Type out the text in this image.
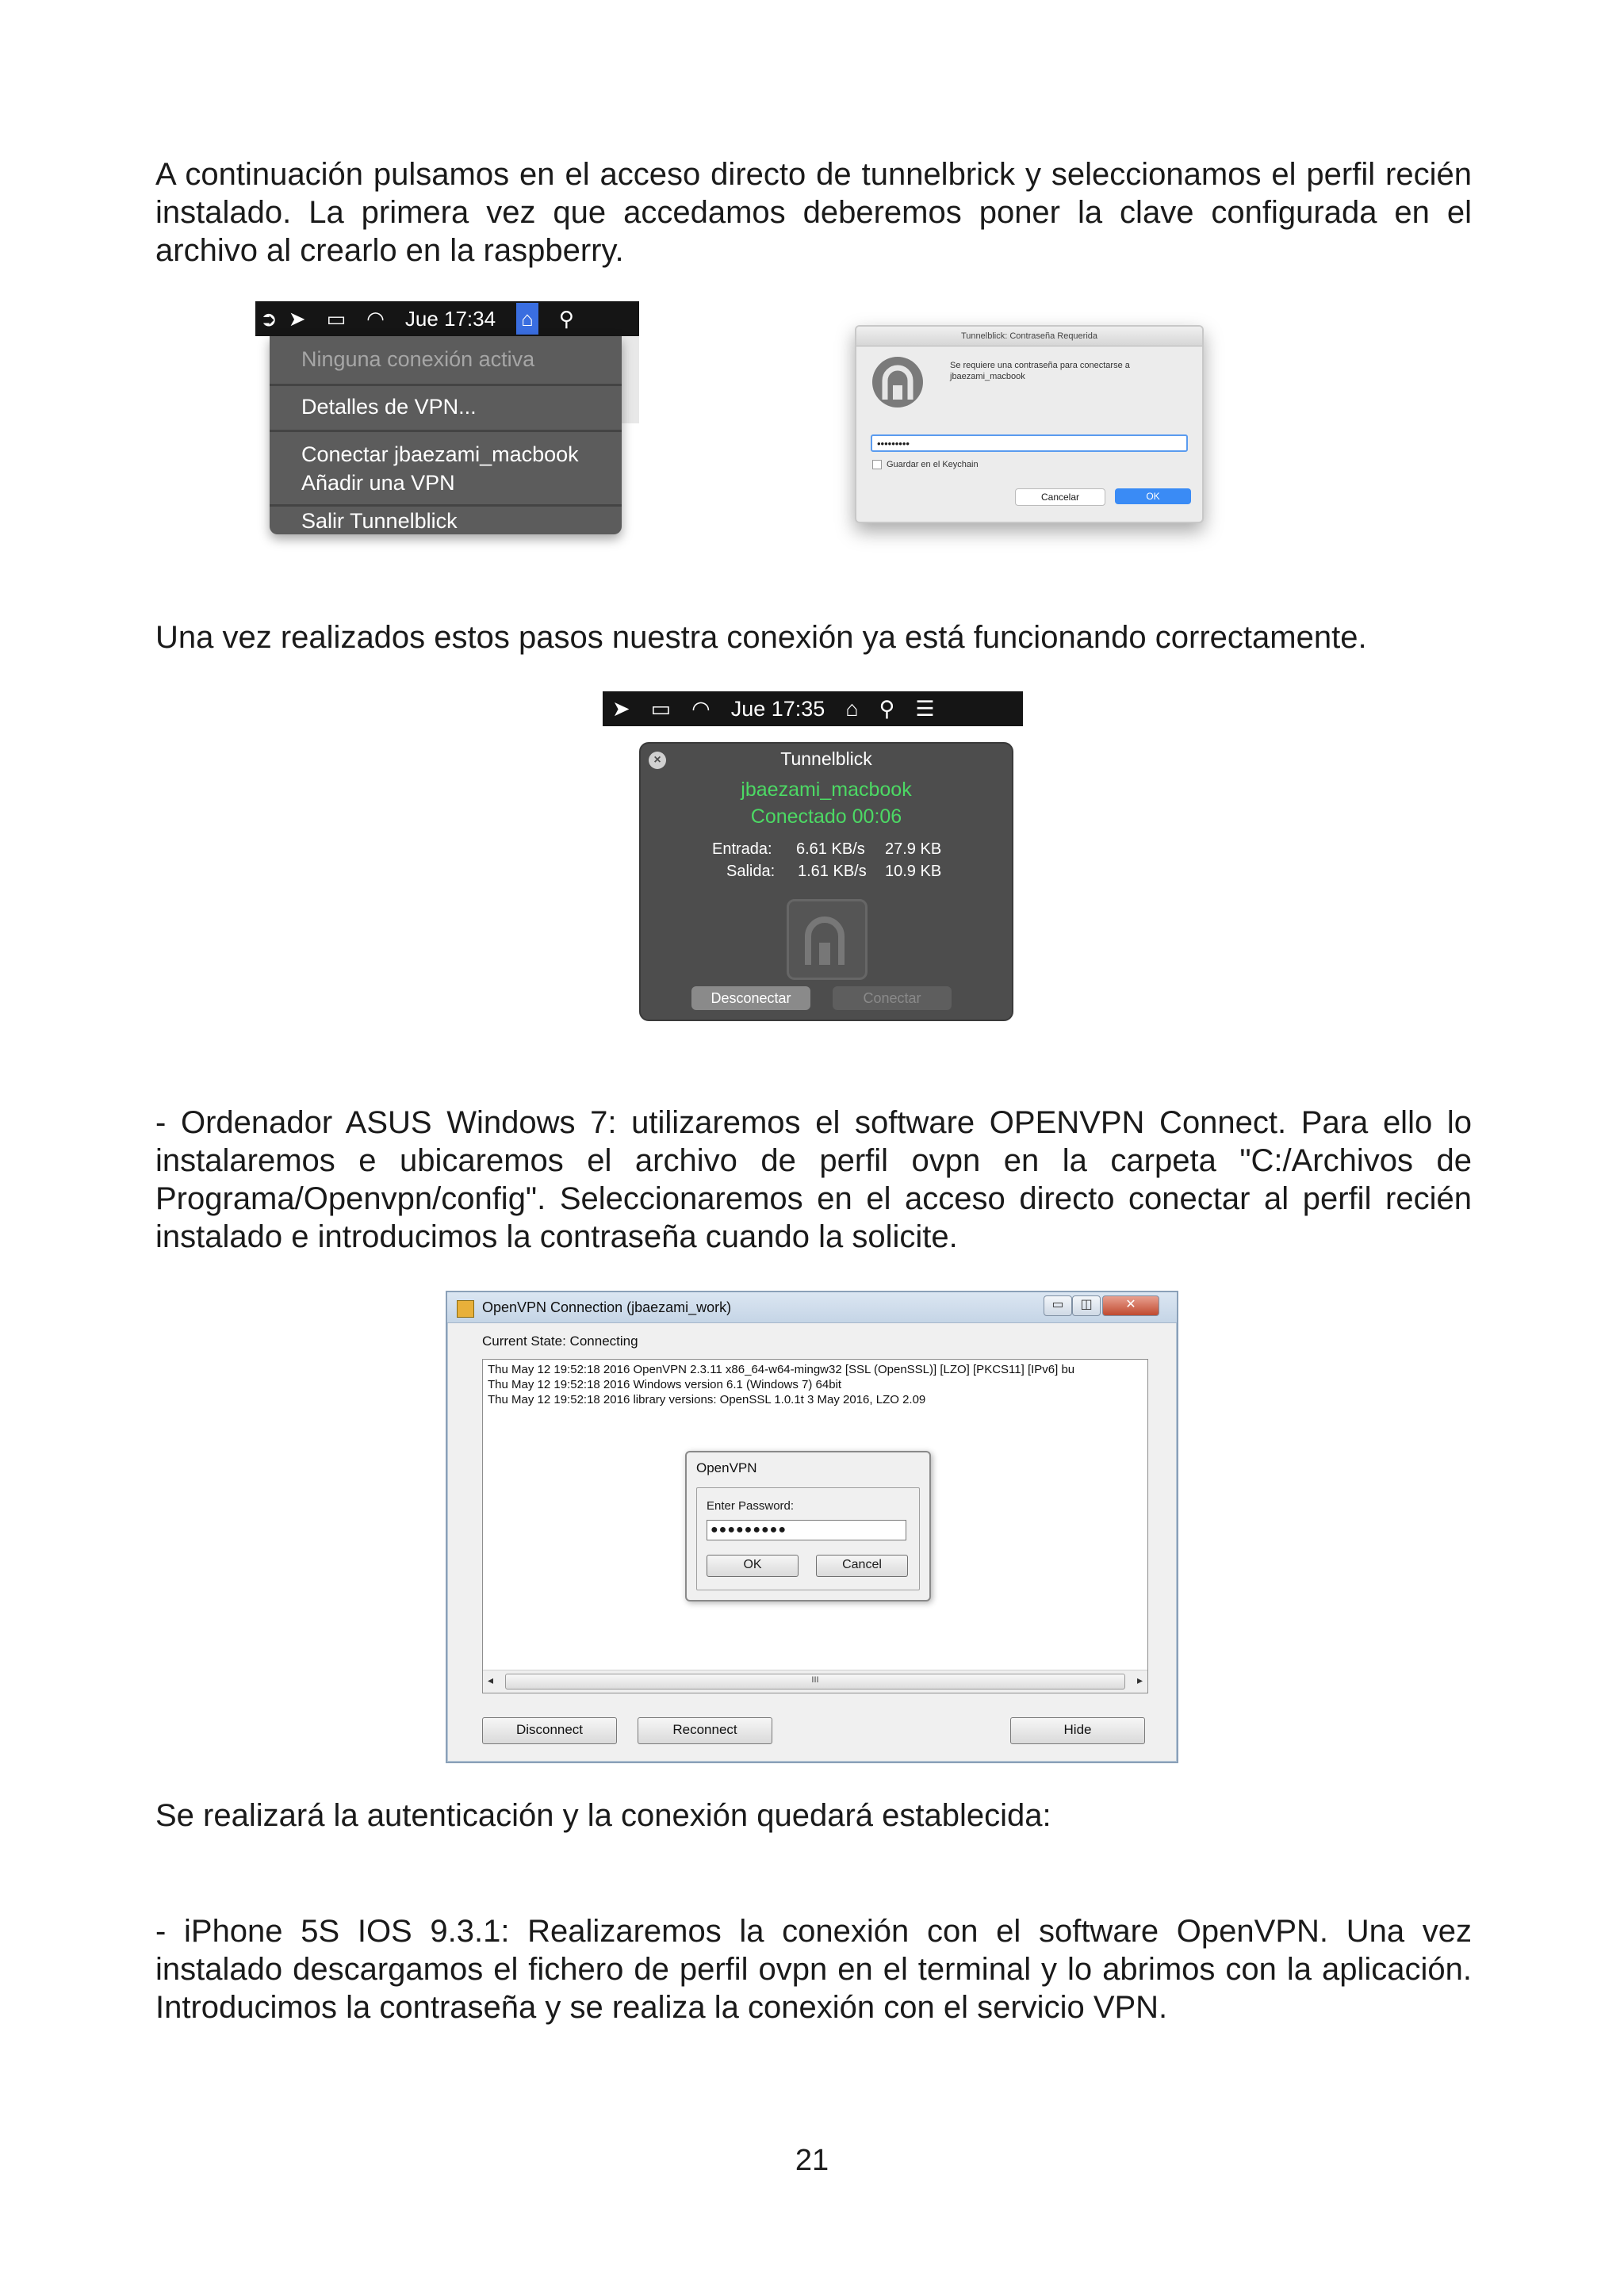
A continuación pulsamos en el acceso directo de tunnelbrick y seleccionamos el perfil recién instalado. La primera vez que accedamos deberemos poner la clave configurada en el archivo al crearlo en la raspberry.

➲ ➤ ▭ ◠ Jue 17:34 ⌂ ⚲
Ninguna conexión activa
Detalles de VPN...
Conectar jbaezami_macbook
Añadir una VPN
Salir Tunnelblick
Tunnelblick: Contraseña Requerida
Se requiere una contraseña para conectarse a jbaezami_macbook
•••••••••
Guardar en el Keychain
Cancelar	OK

Una vez realizados estos pasos nuestra conexión ya está funcionando correctamente.

➤ ▭ ◠ Jue 17:35 ⌂ ⚲ ☰
×	Tunnelblick
jbaezami_macbook
Conectado 00:06
Entrada: 6.61 KB/s 27.9 KB
Salida: 1.61 KB/s 10.9 KB
Desconectar	Conectar

- Ordenador ASUS Windows 7: utilizaremos el software OPENVPN Connect. Para ello lo instalaremos e ubicaremos el archivo de perfil ovpn en la carpeta "C:/Archivos de Programa/Openvpn/config". Seleccionaremos en el acceso directo conectar al perfil recién instalado e introducimos la contraseña cuando la solicite.

OpenVPN Connection (jbaezami_work)	▭	◫	✕
Current State: Connecting
Thu May 12 19:52:18 2016 OpenVPN 2.3.11 x86_64-w64-mingw32 [SSL (OpenSSL)] [LZO] [PKCS11] [IPv6] bu
Thu May 12 19:52:18 2016 Windows version 6.1 (Windows 7) 64bit
Thu May 12 19:52:18 2016 library versions: OpenSSL 1.0.1t 3 May 2016, LZO 2.09
◂	III	▸
OpenVPN
Enter Password:
●●●●●●●●●
OK	Cancel
Disconnect	Reconnect	Hide

Se realizará la autenticación y la conexión quedará establecida:

- iPhone 5S IOS 9.3.1: Realizaremos la conexión con el software OpenVPN. Una vez instalado descargamos el fichero de perfil ovpn en el terminal y lo abrimos con la aplicación. Introducimos la contraseña y se realiza la conexión con el servicio VPN.

21
